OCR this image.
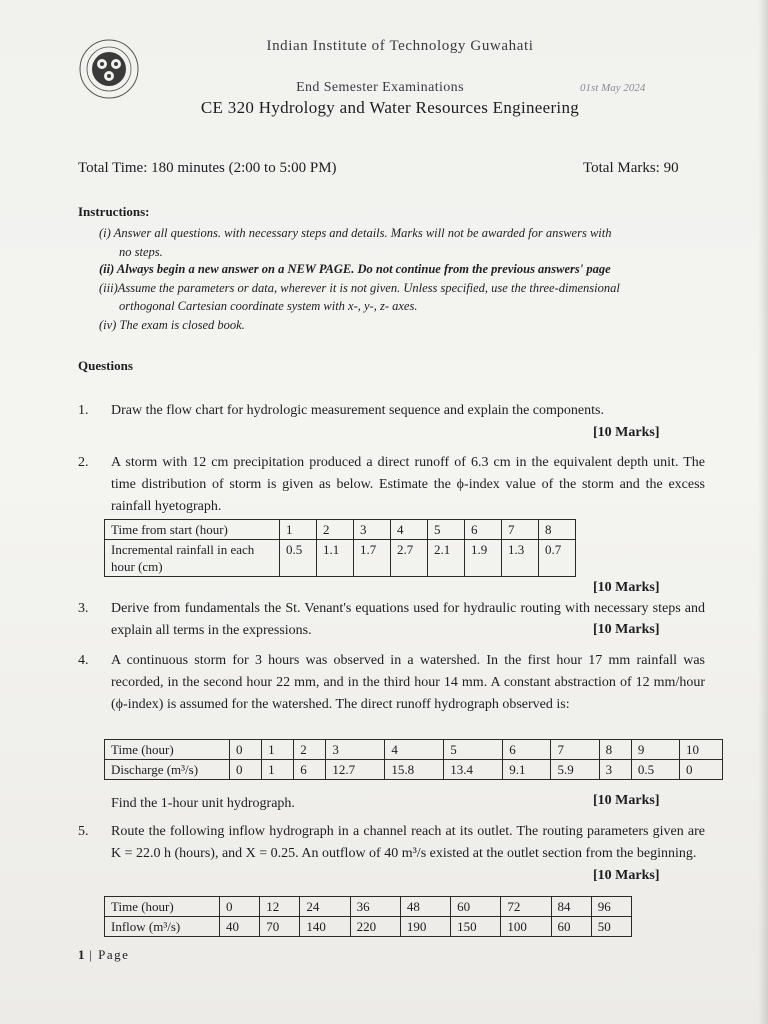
Indian Institute of Technology Guwahati
End Semester Examinations	01st May 2024
CE 320 Hydrology and Water Resources Engineering
Total Time: 180 minutes (2:00 to 5:00 PM)	Total Marks: 90
Instructions:
(i) Answer all questions. with necessary steps and details. Marks will not be awarded for answers with
no steps.
(ii) Always begin a new answer on a NEW PAGE. Do not continue from the previous answers' page
(iii)Assume the parameters or data, wherever it is not given. Unless specified, use the three-dimensional
orthogonal Cartesian coordinate system with x-, y-, z- axes.
(iv) The exam is closed book.
Questions
1. Draw the flow chart for hydrologic measurement sequence and explain the components.
[10 Marks]
2. A storm with 12 cm precipitation produced a direct runoff of 6.3 cm in the equivalent depth unit. The time distribution of storm is given as below. Estimate the ϕ-index value of the storm and the excess rainfall hyetograph.
Time from start (hour)	1	2	3	4	5	6	7	8
Incremental rainfall in each hour (cm)	0.5	1.1	1.7	2.7	2.1	1.9	1.3	0.7
[10 Marks]
3. Derive from fundamentals the St. Venant's equations used for hydraulic routing with necessary steps and explain all terms in the expressions.	[10 Marks]
4. A continuous storm for 3 hours was observed in a watershed. In the first hour 17 mm rainfall was recorded, in the second hour 22 mm, and in the third hour 14 mm. A constant abstraction of 12 mm/hour (ϕ-index) is assumed for the watershed. The direct runoff hydrograph observed is:
Time (hour)	0	1	2	3	4	5	6	7	8	9	10
Discharge (m³/s)	0	1	6	12.7	15.8	13.4	9.1	5.9	3	0.5	0
Find the 1-hour unit hydrograph.	[10 Marks]
5. Route the following inflow hydrograph in a channel reach at its outlet. The routing parameters given are K = 22.0 h (hours), and X = 0.25. An outflow of 40 m³/s existed at the outlet section from the beginning.
[10 Marks]
Time (hour)	0	12	24	36	48	60	72	84	96
Inflow (m³/s)	40	70	140	220	190	150	100	60	50
1 | Page
